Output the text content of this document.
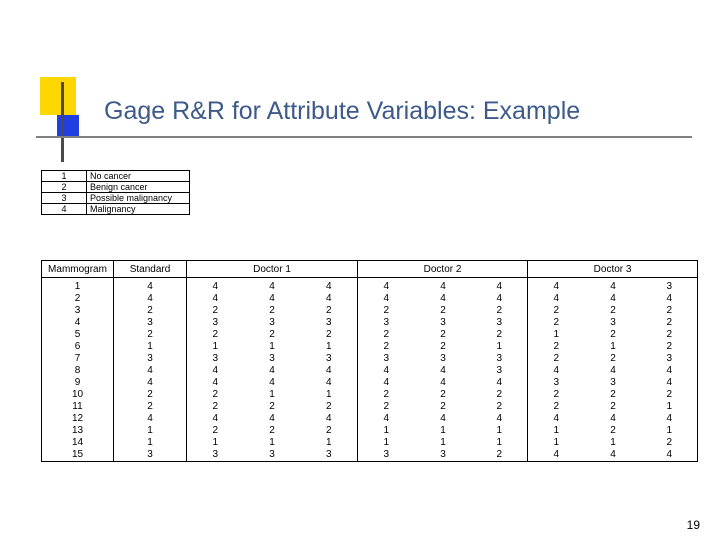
Gage R&R for Attribute Variables: Example
1	No cancer
2	Benign cancer
3	Possible malignancy
4	Malignancy
Mammogram	Standard	Doctor 1			Doctor 2			Doctor 3		
1	4	4	4	4	4	4	4	4	4	3
2	4	4	4	4	4	4	4	4	4	4
3	2	2	2	2	2	2	2	2	2	2
4	3	3	3	3	3	3	3	2	3	2
5	2	2	2	2	2	2	2	1	2	2
6	1	1	1	1	2	2	1	2	1	2
7	3	3	3	3	3	3	3	2	2	3
8	4	4	4	4	4	4	3	4	4	4
9	4	4	4	4	4	4	4	3	3	4
10	2	2	1	1	2	2	2	2	2	2
11	2	2	2	2	2	2	2	2	2	1
12	4	4	4	4	4	4	4	4	4	4
13	1	2	2	2	1	1	1	1	2	1
14	1	1	1	1	1	1	1	1	1	2
15	3	3	3	3	3	3	2	4	4	4
19
